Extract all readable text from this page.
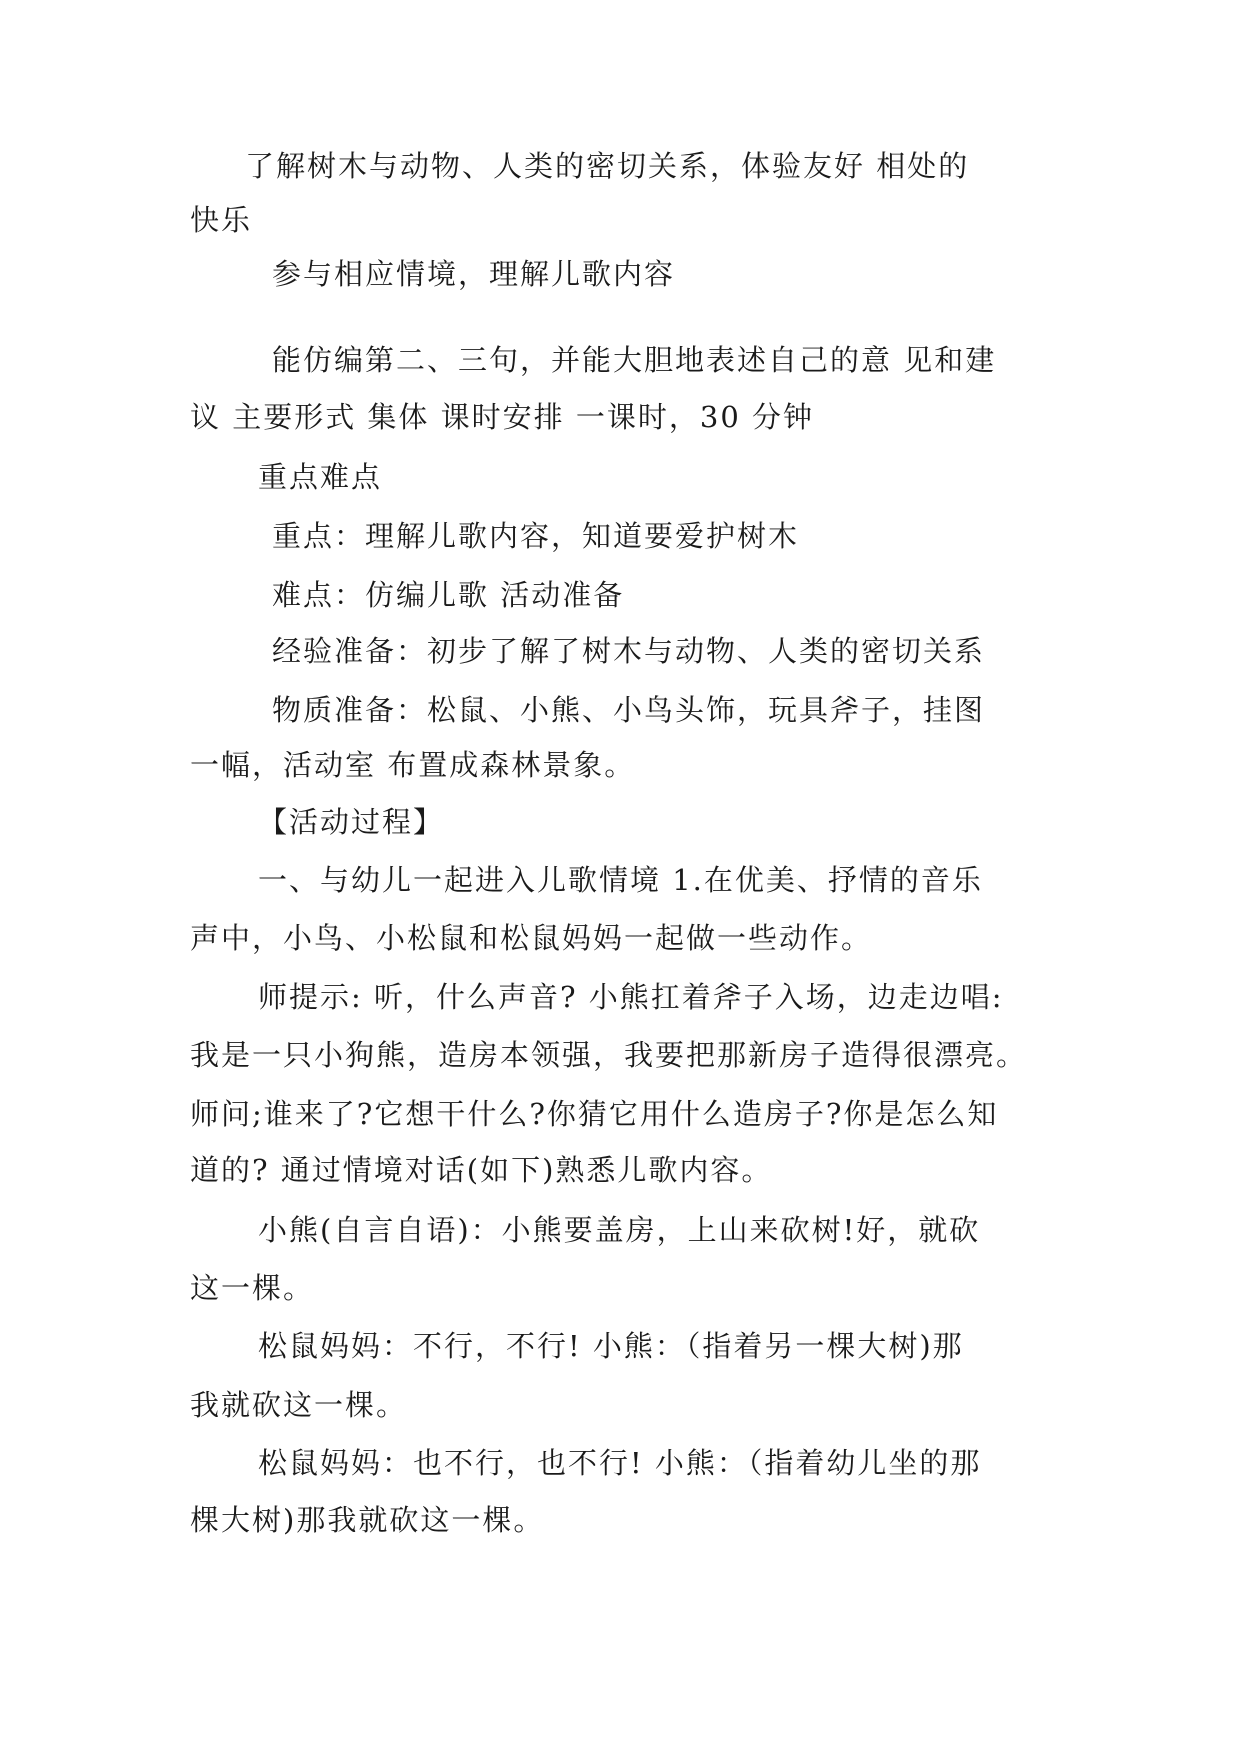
了解树木与动物、人类的密切关系，体验友好 相处的
快乐
参与相应情境，理解儿歌内容
能仿编第二、三句，并能大胆地表述自己的意 见和建
议 主要形式 集体 课时安排 一课时，30 分钟
重点难点
重点：理解儿歌内容，知道要爱护树木
难点：仿编儿歌 活动准备
经验准备：初步了解了树木与动物、人类的密切关系
物质准备：松鼠、小熊、小鸟头饰，玩具斧子，挂图
一幅，活动室 布置成森林景象。
【活动过程】
一、与幼儿一起进入儿歌情境 1.在优美、抒情的音乐
声中，小鸟、小松鼠和松鼠妈妈一起做一些动作。
师提示: 听，什么声音? 小熊扛着斧子入场，边走边唱:
我是一只小狗熊，造房本领强，我要把那新房子造得很漂亮。
师问;谁来了?它想干什么?你猜它用什么造房子?你是怎么知
道的? 通过情境对话(如下)熟悉儿歌内容。
小熊(自言自语)：小熊要盖房，上山来砍树!好，就砍
这一棵。
松鼠妈妈：不行，不行! 小熊：（指着另一棵大树)那
我就砍这一棵。
松鼠妈妈：也不行，也不行! 小熊：（指着幼儿坐的那
棵大树)那我就砍这一棵。
